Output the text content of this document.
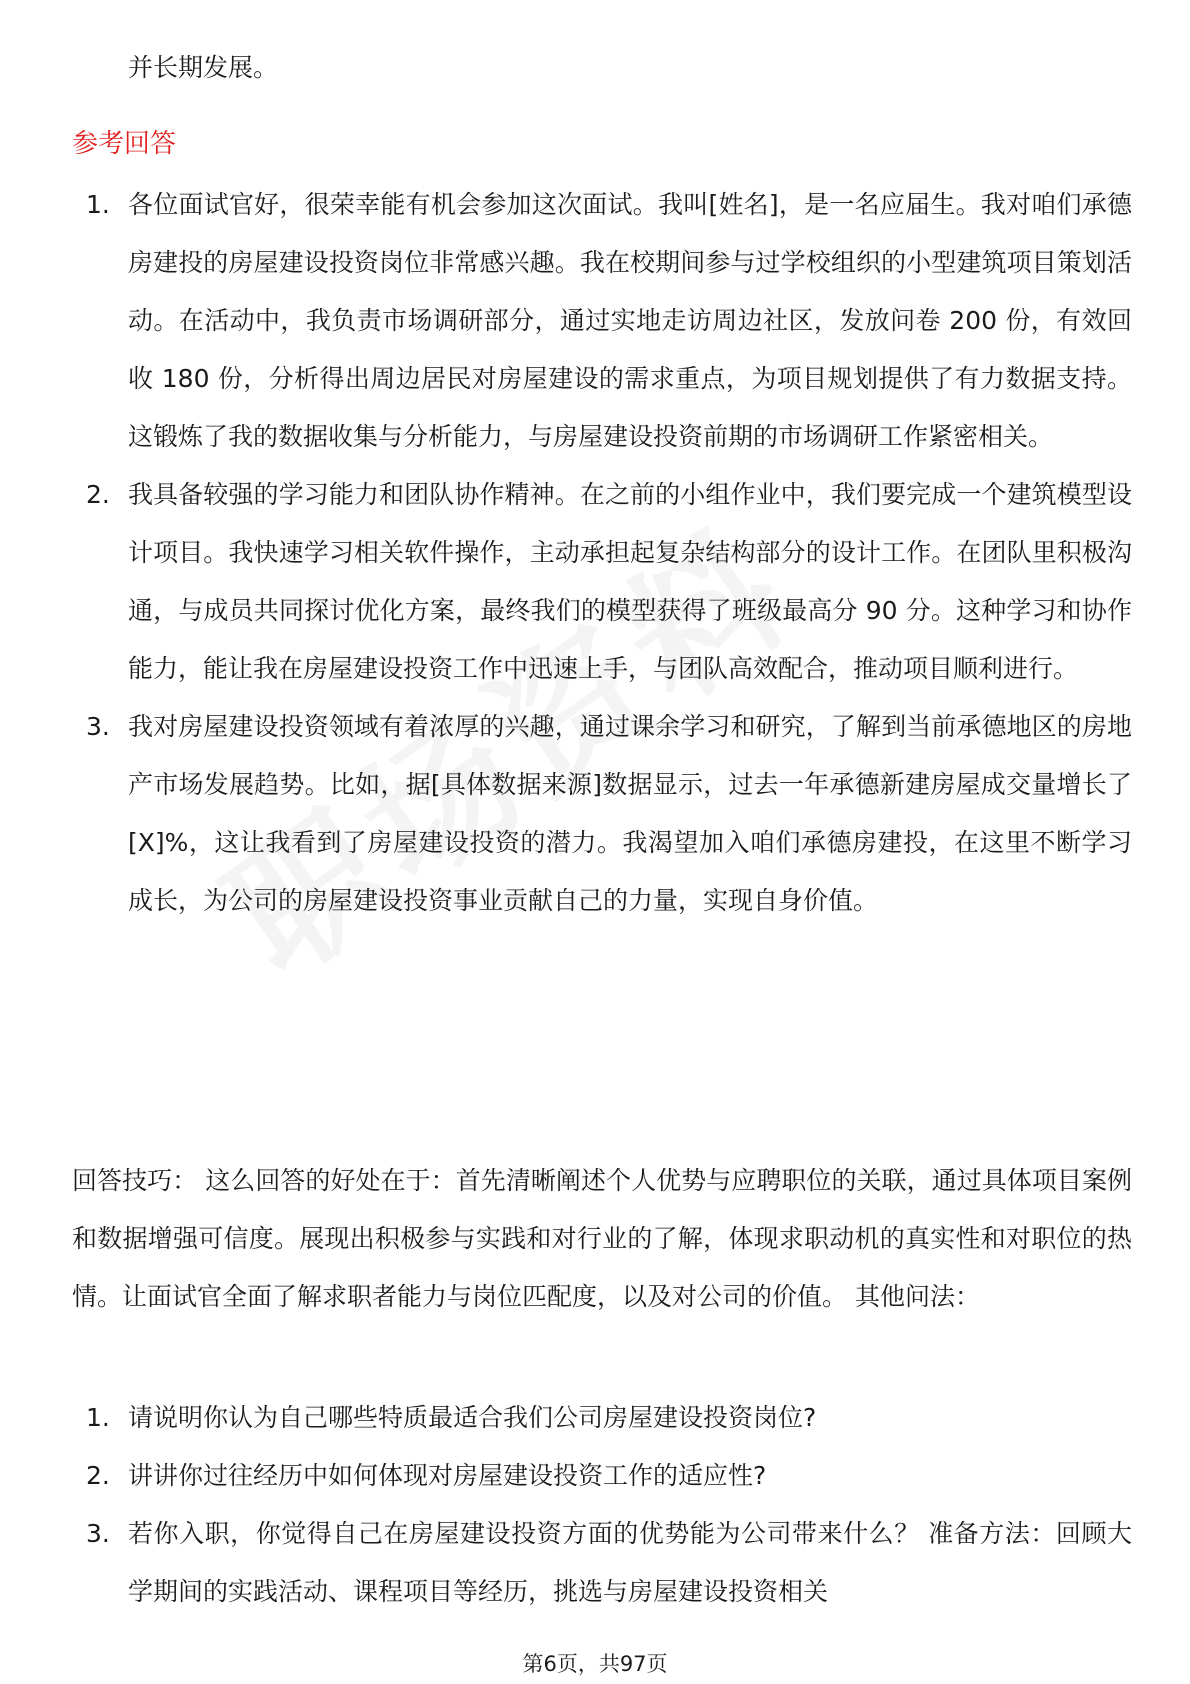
并长期发展。
参考回答
1. 各位面试官好，很荣幸能有机会参加这次面试。我叫[姓名]，是一名应届生。我对咱们承德房建投的房屋建设投资岗位非常感兴趣。我在校期间参与过学校组织的小型建筑项目策划活动。在活动中，我负责市场调研部分，通过实地走访周边社区，发放问卷 200 份，有效回收 180 份，分析得出周边居民对房屋建设的需求重点，为项目规划提供了有力数据支持。这锻炼了我的数据收集与分析能力，与房屋建设投资前期的市场调研工作紧密相关。
2. 我具备较强的学习能力和团队协作精神。在之前的小组作业中，我们要完成一个建筑模型设计项目。我快速学习相关软件操作，主动承担起复杂结构部分的设计工作。在团队里积极沟通，与成员共同探讨优化方案，最终我们的模型获得了班级最高分 90 分。这种学习和协作能力，能让我在房屋建设投资工作中迅速上手，与团队高效配合，推动项目顺利进行。
3. 我对房屋建设投资领域有着浓厚的兴趣，通过课余学习和研究，了解到当前承德地区的房地产市场发展趋势。比如，据[具体数据来源]数据显示，过去一年承德新建房屋成交量增长了[X]%，这让我看到了房屋建设投资的潜力。我渴望加入咱们承德房建投，在这里不断学习成长，为公司的房屋建设投资事业贡献自己的力量，实现自身价值。

回答技巧： 这么回答的好处在于：首先清晰阐述个人优势与应聘职位的关联，通过具体项目案例和数据增强可信度。展现出积极参与实践和对行业的了解，体现求职动机的真实性和对职位的热情。让面试官全面了解求职者能力与岗位匹配度，以及对公司的价值。 其他问法：

1. 请说明你认为自己哪些特质最适合我们公司房屋建设投资岗位?
2. 讲讲你过往经历中如何体现对房屋建设投资工作的适应性?
3. 若你入职，你觉得自己在房屋建设投资方面的优势能为公司带来什么？ 准备方法：回顾大学期间的实践活动、课程项目等经历，挑选与房屋建设投资相关
第6页，共97页
